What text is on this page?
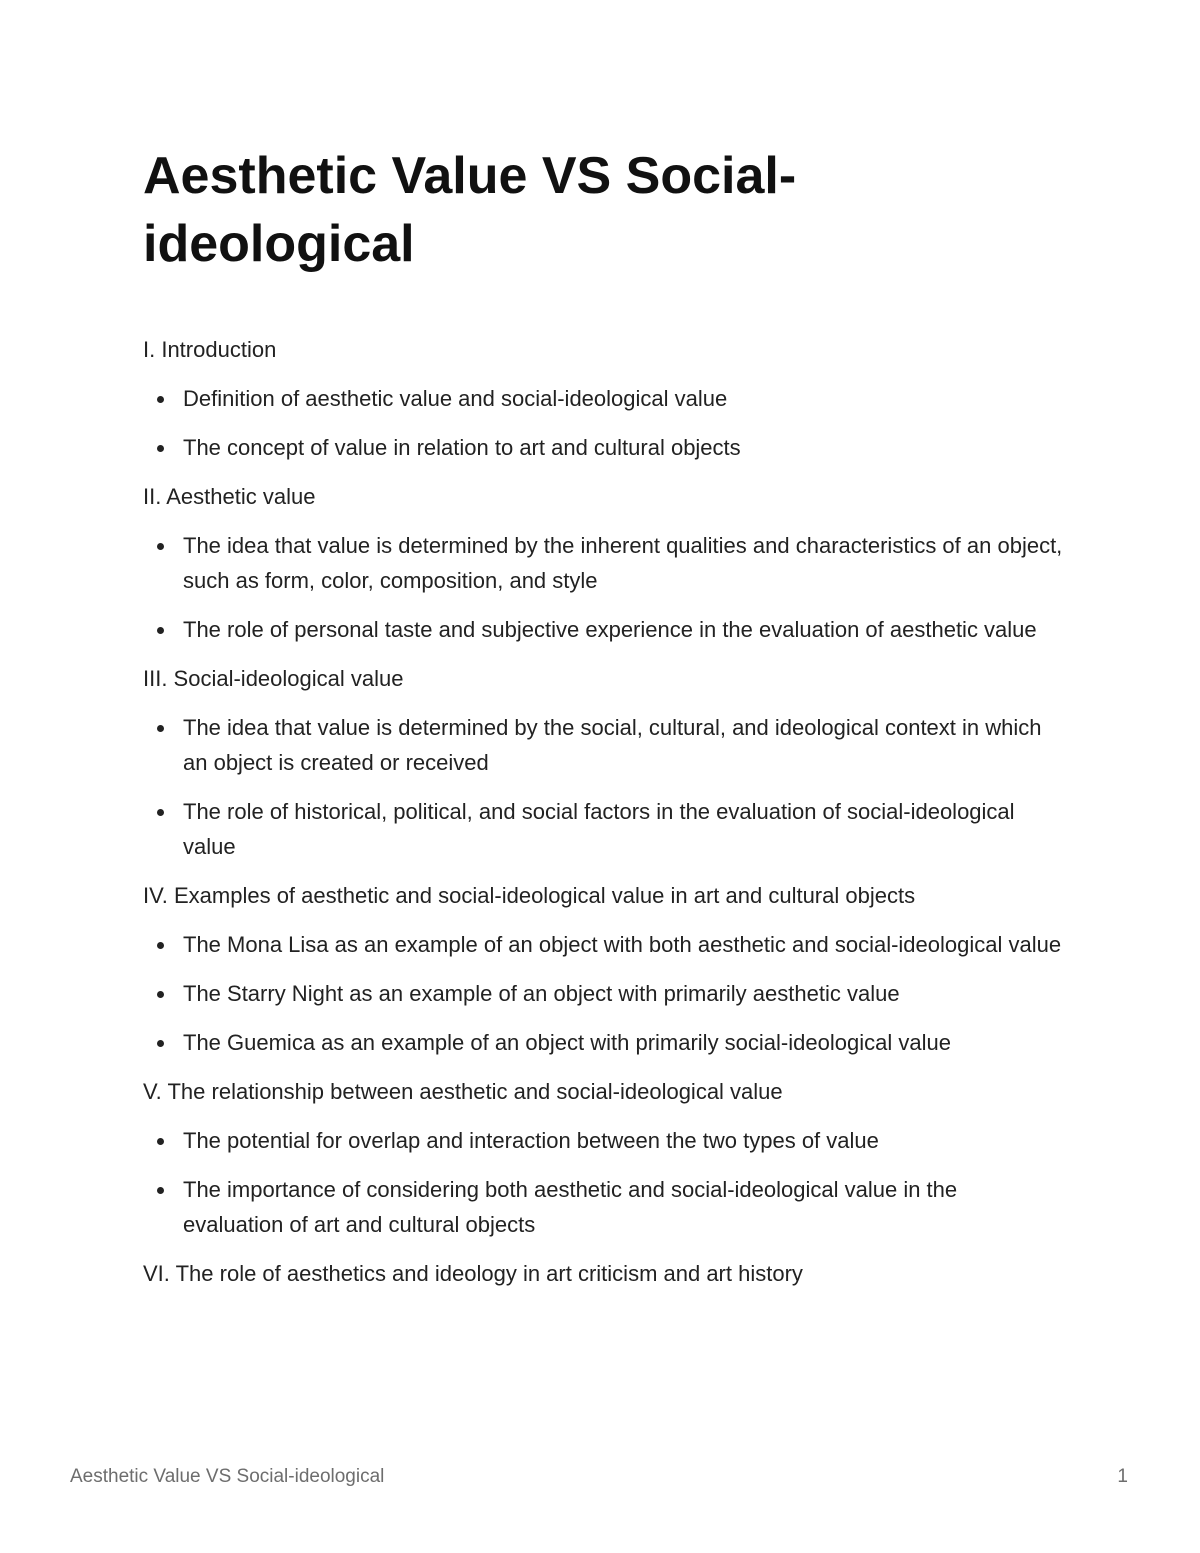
Aesthetic Value VS Social-ideological
I. Introduction
Definition of aesthetic value and social-ideological value
The concept of value in relation to art and cultural objects
II. Aesthetic value
The idea that value is determined by the inherent qualities and characteristics of an object, such as form, color, composition, and style
The role of personal taste and subjective experience in the evaluation of aesthetic value
III. Social-ideological value
The idea that value is determined by the social, cultural, and ideological context in which an object is created or received
The role of historical, political, and social factors in the evaluation of social-ideological value
IV. Examples of aesthetic and social-ideological value in art and cultural objects
The Mona Lisa as an example of an object with both aesthetic and social-ideological value
The Starry Night as an example of an object with primarily aesthetic value
The Guemica as an example of an object with primarily social-ideological value
V. The relationship between aesthetic and social-ideological value
The potential for overlap and interaction between the two types of value
The importance of considering both aesthetic and social-ideological value in the evaluation of art and cultural objects
VI. The role of aesthetics and ideology in art criticism and art history
Aesthetic Value VS Social-ideological	1
